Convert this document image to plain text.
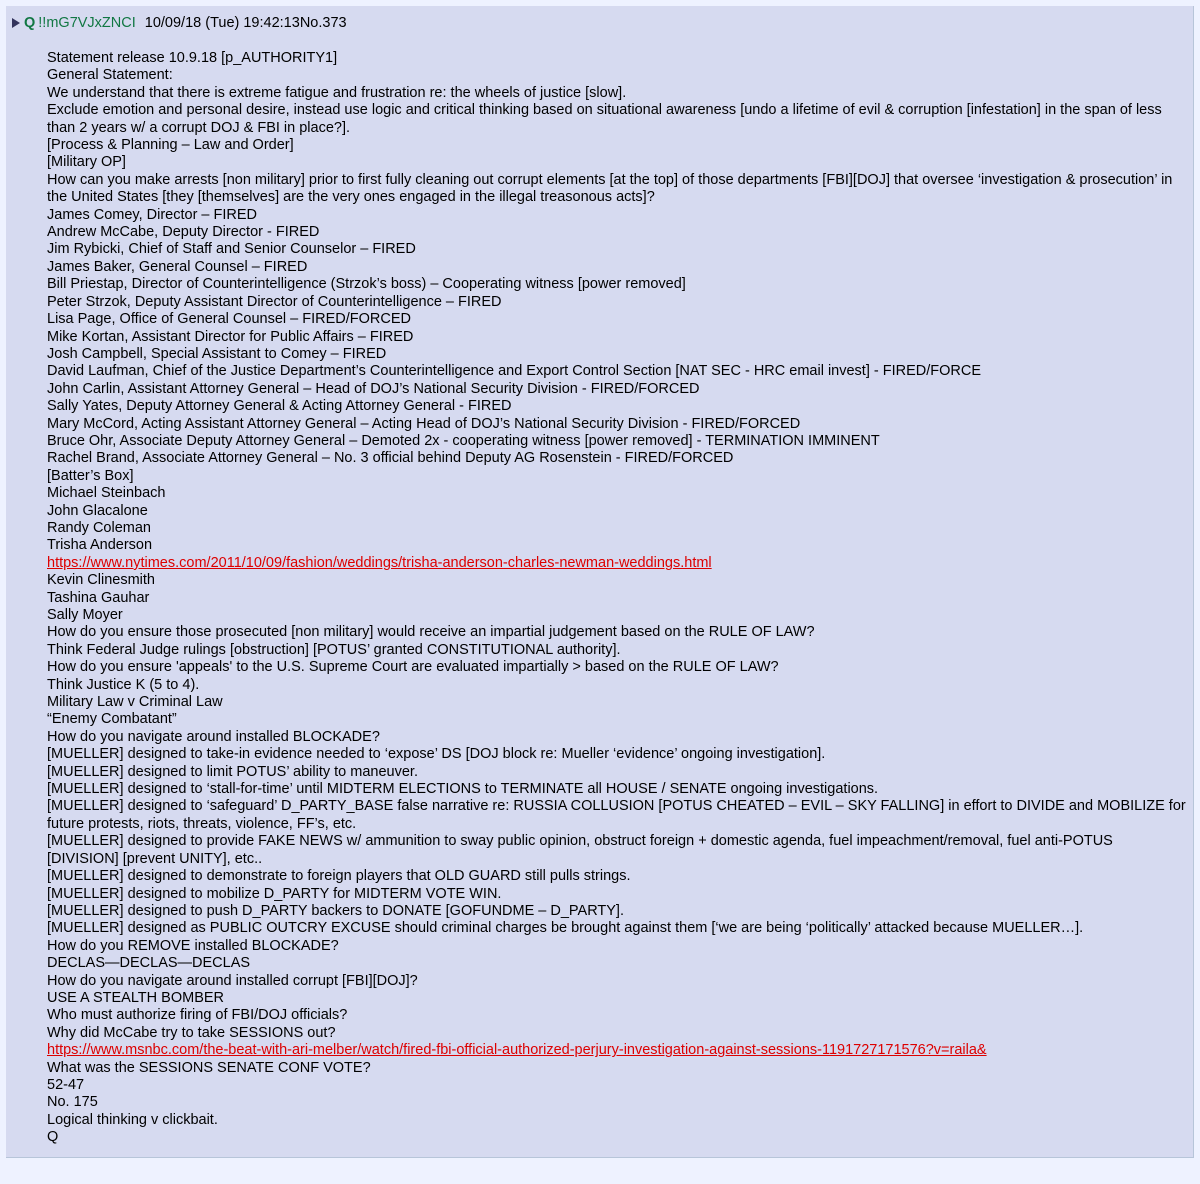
Q !!mG7VJxZNCI 10/09/18 (Tue) 19:42:13 No.373
Statement release 10.9.18 [p_AUTHORITY1]
General Statement:
We understand that there is extreme fatigue and frustration re: the wheels of justice [slow].
Exclude emotion and personal desire, instead use logic and critical thinking based on situational awareness [undo a lifetime of evil & corruption [infestation] in the span of less than 2 years w/ a corrupt DOJ & FBI in place?].
[Process & Planning – Law and Order]
[Military OP]
How can you make arrests [non military] prior to first fully cleaning out corrupt elements [at the top] of those departments [FBI][DOJ] that oversee ‘investigation & prosecution’ in the United States [they [themselves] are the very ones engaged in the illegal treasonous acts]?
James Comey, Director – FIRED
Andrew McCabe, Deputy Director - FIRED
Jim Rybicki, Chief of Staff and Senior Counselor – FIRED
James Baker, General Counsel – FIRED
Bill Priestap, Director of Counterintelligence (Strzok’s boss) – Cooperating witness [power removed]
Peter Strzok, Deputy Assistant Director of Counterintelligence – FIRED
Lisa Page, Office of General Counsel – FIRED/FORCED
Mike Kortan, Assistant Director for Public Affairs – FIRED
Josh Campbell, Special Assistant to Comey – FIRED
David Laufman, Chief of the Justice Department’s Counterintelligence and Export Control Section [NAT SEC - HRC email invest] - FIRED/FORCE
John Carlin, Assistant Attorney General – Head of DOJ’s National Security Division - FIRED/FORCED
Sally Yates, Deputy Attorney General & Acting Attorney General - FIRED
Mary McCord, Acting Assistant Attorney General – Acting Head of DOJ’s National Security Division - FIRED/FORCED
Bruce Ohr, Associate Deputy Attorney General – Demoted 2x - cooperating witness [power removed] - TERMINATION IMMINENT
Rachel Brand, Associate Attorney General – No. 3 official behind Deputy AG Rosenstein - FIRED/FORCED
[Batter’s Box]
Michael Steinbach
John Glacalone
Randy Coleman
Trisha Anderson
https://www.nytimes.com/2011/10/09/fashion/weddings/trisha-anderson-charles-newman-weddings.html
Kevin Clinesmith
Tashina Gauhar
Sally Moyer
How do you ensure those prosecuted [non military] would receive an impartial judgement based on the RULE OF LAW?
Think Federal Judge rulings [obstruction] [POTUS’ granted CONSTITUTIONAL authority].
How do you ensure 'appeals' to the U.S. Supreme Court are evaluated impartially > based on the RULE OF LAW?
Think Justice K (5 to 4).
Military Law v Criminal Law
“Enemy Combatant”
How do you navigate around installed BLOCKADE?
[MUELLER] designed to take-in evidence needed to ‘expose’ DS [DOJ block re: Mueller ‘evidence’ ongoing investigation].
[MUELLER] designed to limit POTUS’ ability to maneuver.
[MUELLER] designed to ‘stall-for-time’ until MIDTERM ELECTIONS to TERMINATE all HOUSE / SENATE ongoing investigations.
[MUELLER] designed to ‘safeguard’ D_PARTY_BASE false narrative re: RUSSIA COLLUSION [POTUS CHEATED – EVIL – SKY FALLING] in effort to DIVIDE and MOBILIZE for future protests, riots, threats, violence, FF’s, etc.
[MUELLER] designed to provide FAKE NEWS w/ ammunition to sway public opinion, obstruct foreign + domestic agenda, fuel impeachment/removal, fuel anti-POTUS [DIVISION] [prevent UNITY], etc..
[MUELLER] designed to demonstrate to foreign players that OLD GUARD still pulls strings.
[MUELLER] designed to mobilize D_PARTY for MIDTERM VOTE WIN.
[MUELLER] designed to push D_PARTY backers to DONATE [GOFUNDME – D_PARTY].
[MUELLER] designed as PUBLIC OUTCRY EXCUSE should criminal charges be brought against them [‘we are being ‘politically’ attacked because MUELLER…].
How do you REMOVE installed BLOCKADE?
DECLAS—DECLAS—DECLAS
How do you navigate around installed corrupt [FBI][DOJ]?
USE A STEALTH BOMBER
Who must authorize firing of FBI/DOJ officials?
Why did McCabe try to take SESSIONS out?
https://www.msnbc.com/the-beat-with-ari-melber/watch/fired-fbi-official-authorized-perjury-investigation-against-sessions-1191727171576?v=raila&
What was the SESSIONS SENATE CONF VOTE?
52-47
No. 175
Logical thinking v clickbait.
Q
